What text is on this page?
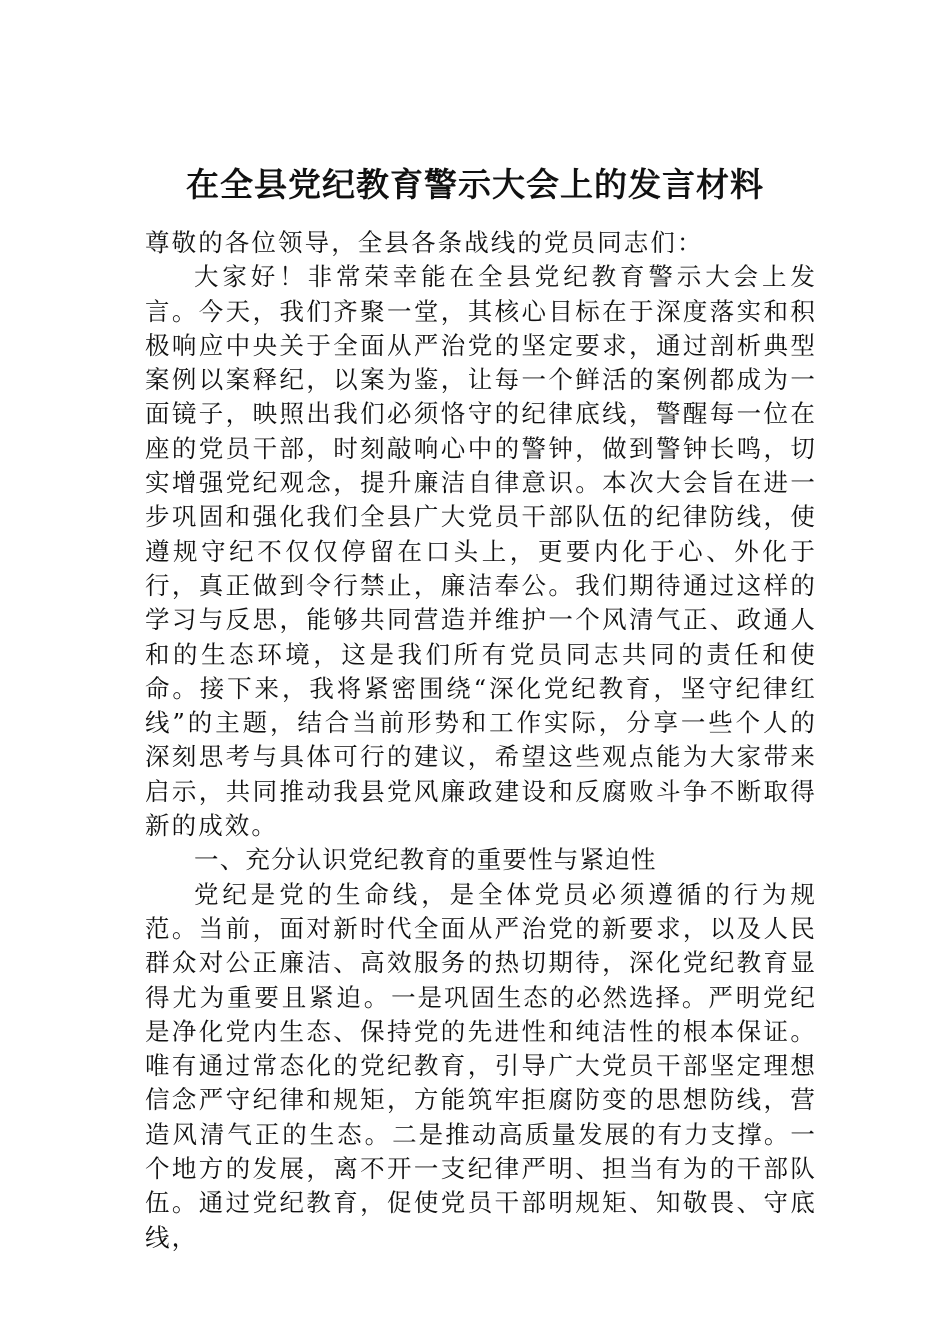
在全县党纪教育警示大会上的发言材料

尊敬的各位领导，全县各条战线的党员同志们：

大家好！非常荣幸能在全县党纪教育警示大会上发言。今天，我们齐聚一堂，其核心目标在于深度落实和积极响应中央关于全面从严治党的坚定要求，通过剖析典型案例以案释纪，以案为鉴，让每一个鲜活的案例都成为一面镜子，映照出我们必须恪守的纪律底线，警醒每一位在座的党员干部，时刻敲响心中的警钟，做到警钟长鸣，切实增强党纪观念，提升廉洁自律意识。本次大会旨在进一步巩固和强化我们全县广大党员干部队伍的纪律防线，使遵规守纪不仅仅停留在口头上，更要内化于心、外化于行，真正做到令行禁止，廉洁奉公。我们期待通过这样的学习与反思，能够共同营造并维护一个风清气正、政通人和的生态环境，这是我们所有党员同志共同的责任和使命。接下来，我将紧密围绕“深化党纪教育，坚守纪律红线”的主题，结合当前形势和工作实际，分享一些个人的深刻思考与具体可行的建议，希望这些观点能为大家带来启示，共同推动我县党风廉政建设和反腐败斗争不断取得新的成效。

一、充分认识党纪教育的重要性与紧迫性

党纪是党的生命线，是全体党员必须遵循的行为规范。当前，面对新时代全面从严治党的新要求，以及人民群众对公正廉洁、高效服务的热切期待，深化党纪教育显得尤为重要且紧迫。一是巩固生态的必然选择。严明党纪是净化党内生态、保持党的先进性和纯洁性的根本保证。唯有通过常态化的党纪教育，引导广大党员干部坚定理想信念严守纪律和规矩，方能筑牢拒腐防变的思想防线，营造风清气正的生态。二是推动高质量发展的有力支撑。一个地方的发展，离不开一支纪律严明、担当有为的干部队伍。通过党纪教育，促使党员干部明规矩、知敬畏、守底线，
